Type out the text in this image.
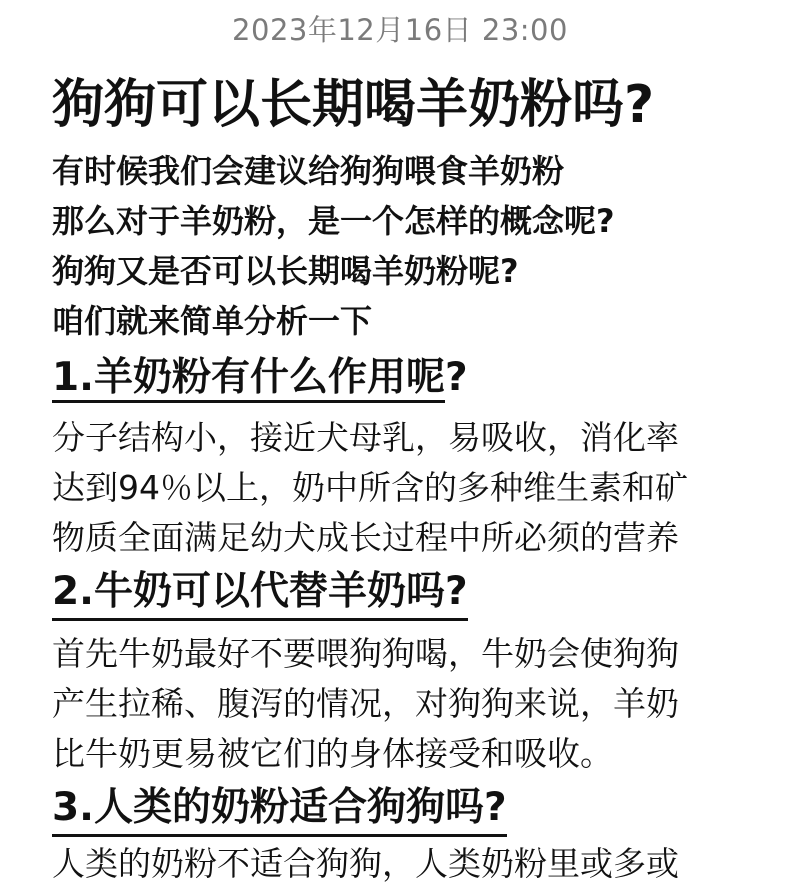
2023年12月16日 23:00
狗狗可以长期喝羊奶粉吗?
有时候我们会建议给狗狗喂食羊奶粉
那么对于羊奶粉，是一个怎样的概念呢?
狗狗又是否可以长期喝羊奶粉呢?
咱们就来简单分析一下
1.羊奶粉有什么作用呢?
分子结构小，接近犬母乳，易吸收，消化率
达到94％以上，奶中所含的多种维生素和矿
物质全面满足幼犬成长过程中所必须的营养
2.牛奶可以代替羊奶吗?
首先牛奶最好不要喂狗狗喝，牛奶会使狗狗
产生拉稀、腹泻的情况，对狗狗来说，羊奶
比牛奶更易被它们的身体接受和吸收。
3.人类的奶粉适合狗狗吗?
人类的奶粉不适合狗狗，人类奶粉里或多或
